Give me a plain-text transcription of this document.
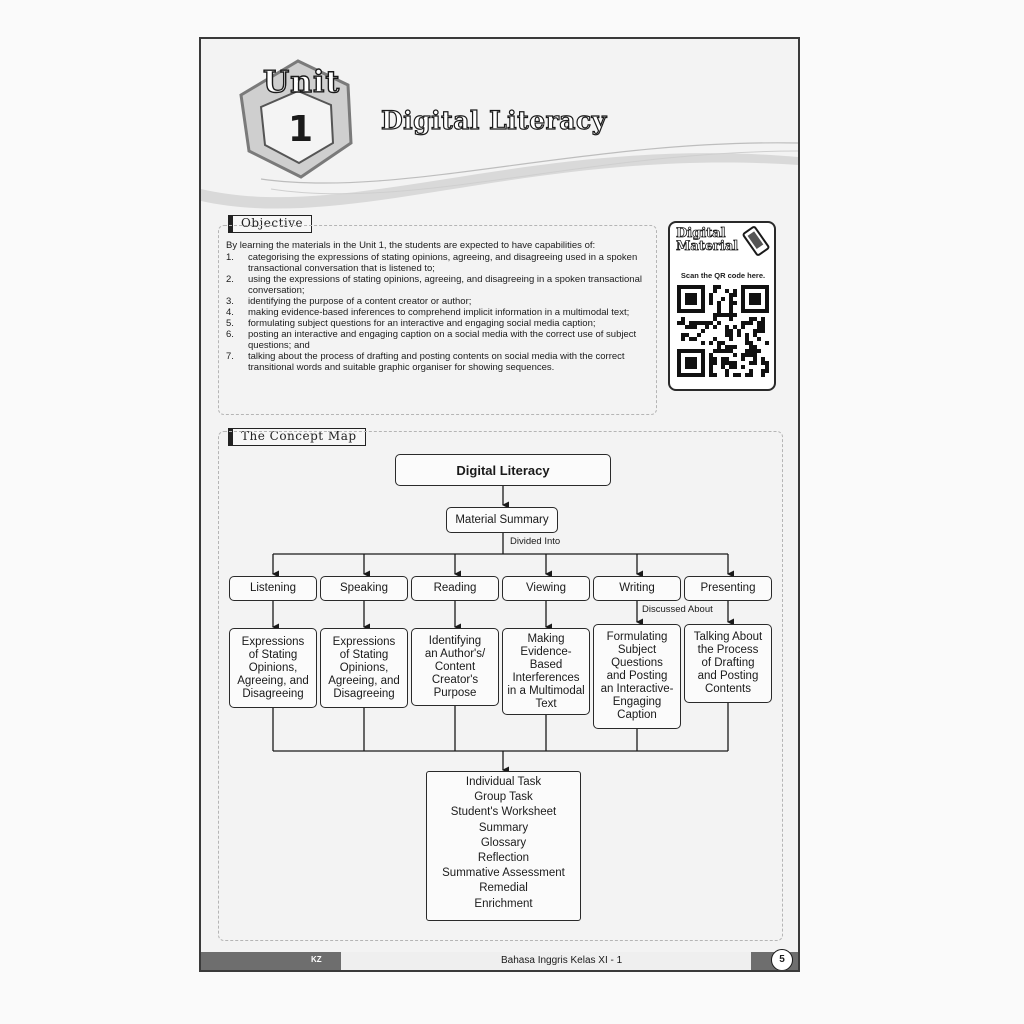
Unit
1	Digital Literacy
Objective
By learning the materials in the Unit 1, the students are expected to have capabilities of:
1.	categorising the expressions of stating opinions, agreeing, and disagreeing used in a spoken transactional conversation that is listened to;
2.	using the expressions of stating opinions, agreeing, and disagreeing in a spoken transactional conversation;
3.	identifying the purpose of a content creator or author;
4.	making evidence-based inferences to comprehend implicit information in a multimodal text;
5.	formulating subject questions for an interactive and engaging social media caption;
6.	posting an interactive and engaging caption on a social media with the correct use of subject questions; and
7.	talking about the process of drafting and posting contents on social media with the correct transitional words and suitable graphic organiser for showing sequences.
Digital
Material
Scan the QR code here.
The Concept Map
Digital Literacy
Material Summary
Divided Into
Listening	Speaking	Reading	Viewing	Writing	Presenting
Discussed About
Expressions
of Stating
Opinions,
Agreeing, and
Disagreeing
Expressions
of Stating
Opinions,
Agreeing, and
Disagreeing
Identifying
an Author's/
Content
Creator's
Purpose
Making
Evidence-
Based
Interferences
in a Multimodal
Text
Formulating
Subject
Questions
and Posting
an Interactive-
Engaging
Caption
Talking About
the Process
of Drafting
and Posting
Contents
Individual Task
Group Task
Student's Worksheet
Summary
Glossary
Reflection
Summative Assessment
Remedial
Enrichment
KZ	Bahasa Inggris Kelas XI - 1	5
